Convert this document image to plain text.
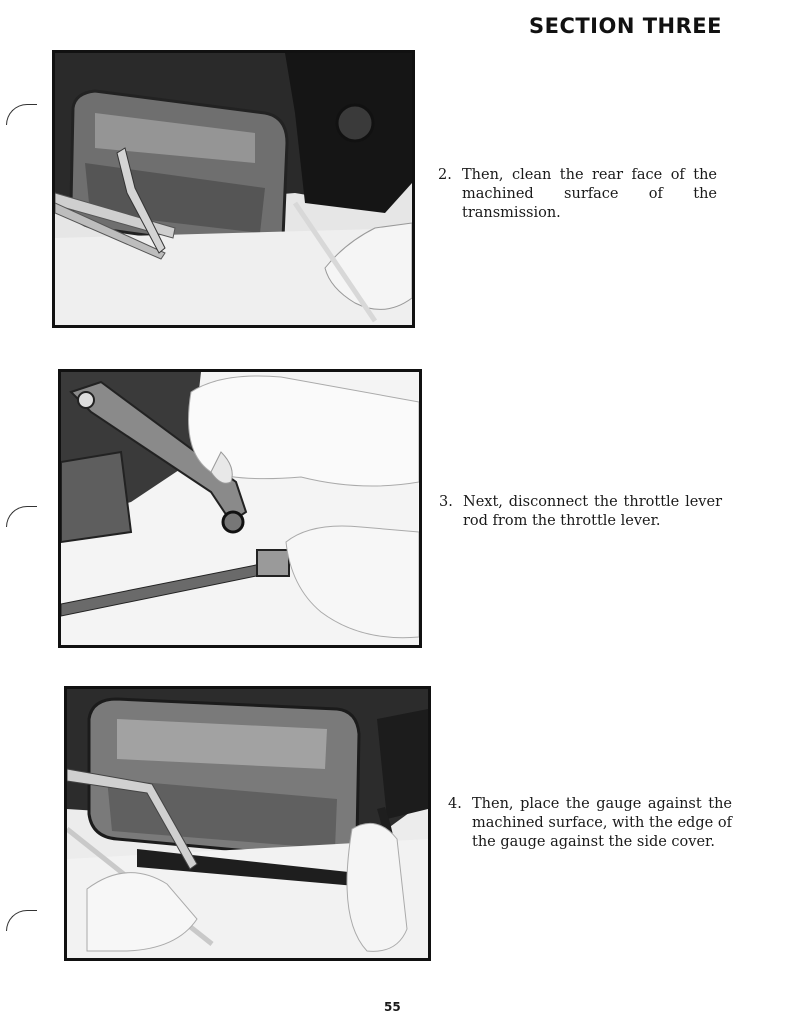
SECTION THREE
2. Then, clean the rear face of the machined surface of the transmission.
3. Next, disconnect the throttle lever rod from the throttle lever.
4. Then, place the gauge against the machined surface, with the edge of the gauge against the side cover.
55
